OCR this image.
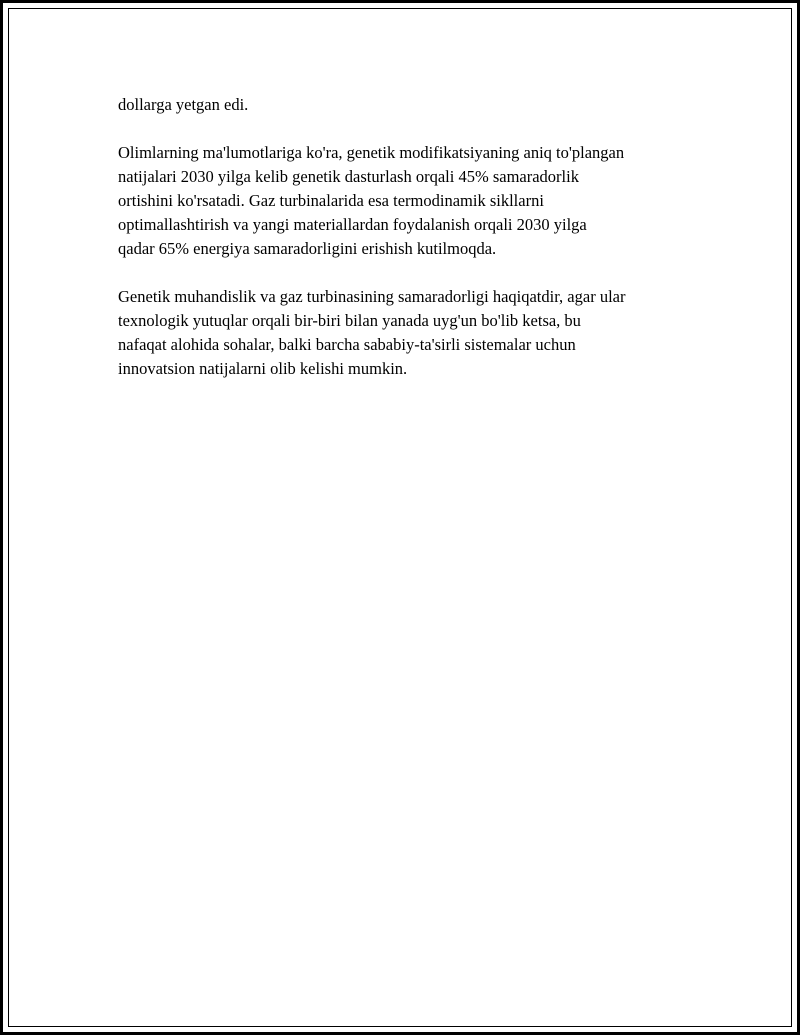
dollarga yetgan edi.

Olimlarning ma'lumotlariga ko'ra, genetik modifikatsiyaning aniq to'plangan
natijalari 2030 yilga kelib genetik dasturlash orqali 45% samaradorlik
ortishini ko'rsatadi. Gaz turbinalarida esa termodinamik sikllarni
optimallashtirish va yangi materiallardan foydalanish orqali 2030 yilga
qadar 65% energiya samaradorligini erishish kutilmoqda.

Genetik muhandislik va gaz turbinasining samaradorligi haqiqatdir, agar ular
texnologik yutuqlar orqali bir-biri bilan yanada uyg'un bo'lib ketsa, bu
nafaqat alohida sohalar, balki barcha sababiy-ta'sirli sistemalar uchun
innovatsion natijalarni olib kelishi mumkin.
